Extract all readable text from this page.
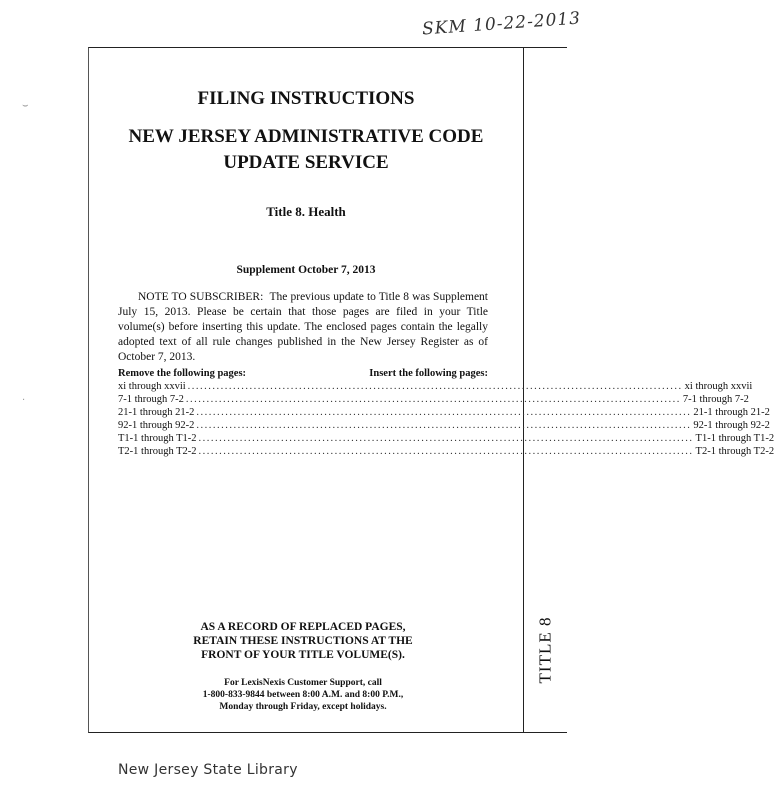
SKM 10-22-2013
⌣
·
TITLE 8
FILING INSTRUCTIONS
NEW JERSEY ADMINISTRATIVE CODE
UPDATE SERVICE
Title 8. Health
Supplement October 7, 2013

NOTE TO SUBSCRIBER: The previous update to Title 8 was Supplement July 15, 2013. Please be certain that those pages are filed in your Title volume(s) before inserting this update. The enclosed pages contain the legally adopted text of all rule changes published in the New Jersey Register as of October 7, 2013.

Remove the following pages:	Insert the following pages:
xi through xxvii ........................................................................................................................ xi through xxvii
7-1 through 7-2 ........................................................................................................................ 7-1 through 7-2
21-1 through 21-2 ........................................................................................................................ 21-1 through 21-2
92-1 through 92-2 ........................................................................................................................ 92-1 through 92-2
T1-1 through T1-2 ........................................................................................................................ T1-1 through T1-2
T2-1 through T2-2 ........................................................................................................................ T2-1 through T2-2
AS A RECORD OF REPLACED PAGES,
RETAIN THESE INSTRUCTIONS AT THE
FRONT OF YOUR TITLE VOLUME(S).
For LexisNexis Customer Support, call
1-800-833-9844 between 8:00 A.M. and 8:00 P.M.,
Monday through Friday, except holidays.
New Jersey State Library
